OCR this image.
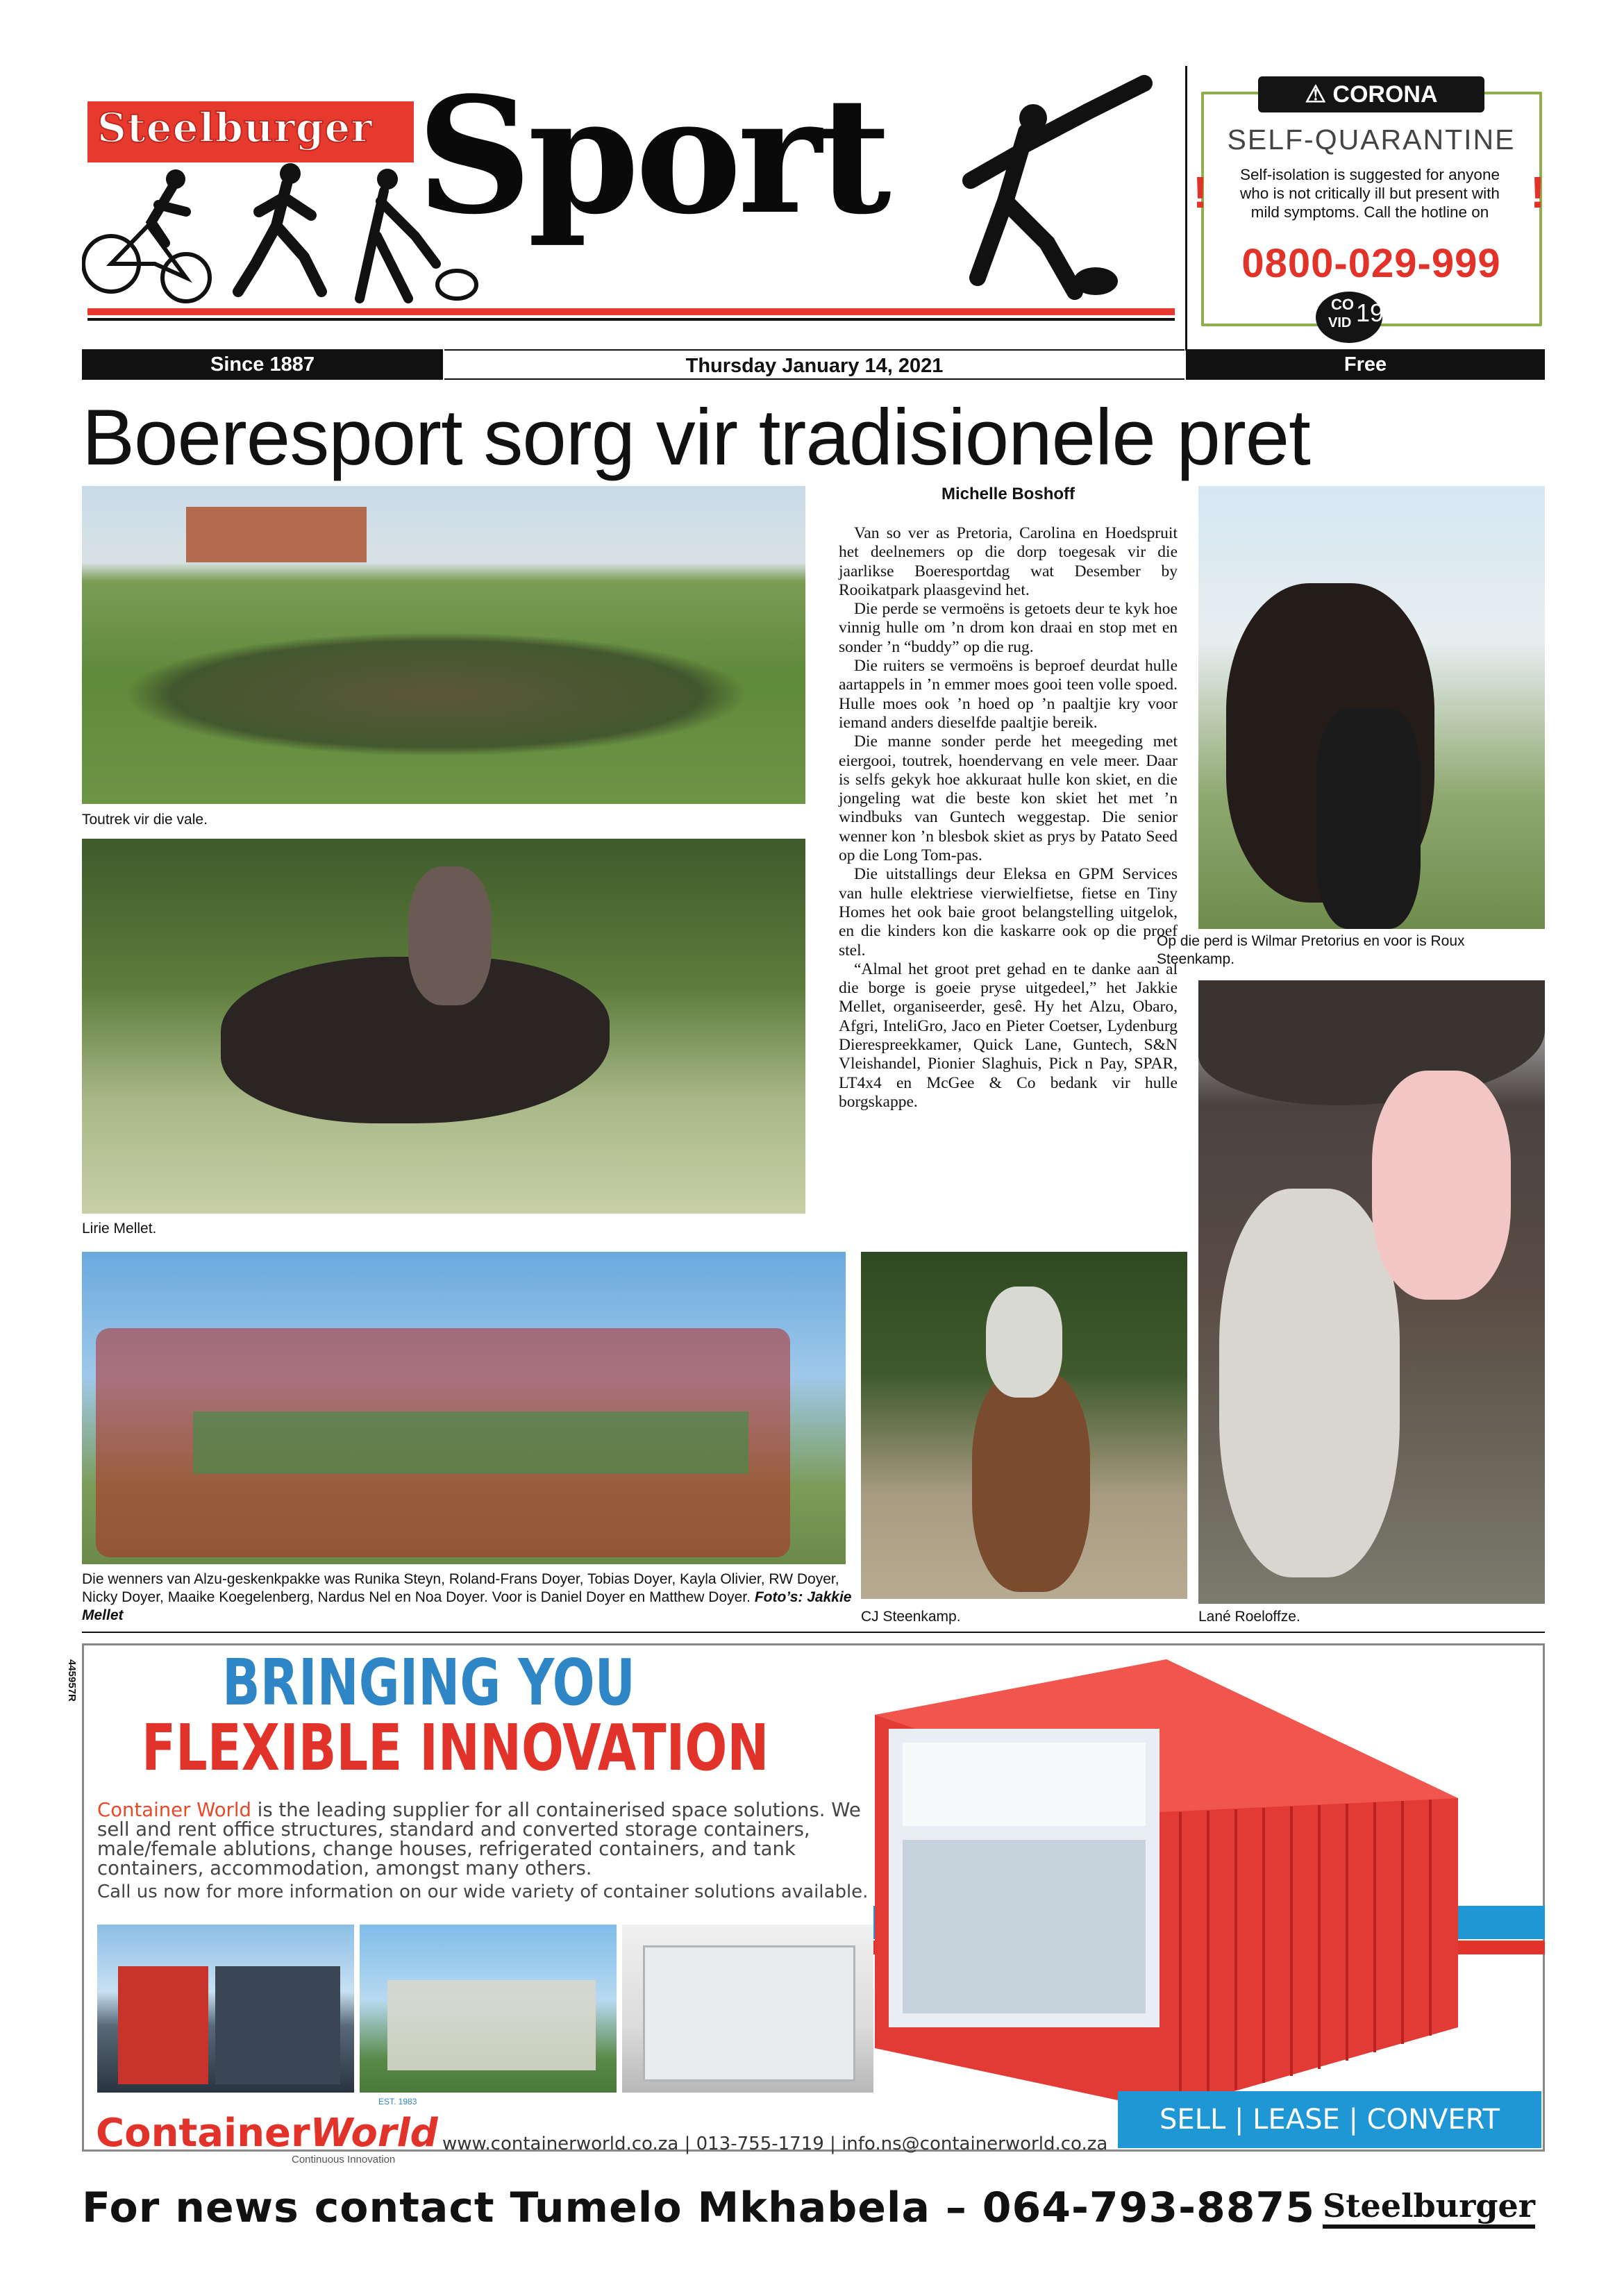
Steelburger Sport	⚠ CORONA
SELF-QUARANTINE
!	!
Self-isolation is suggested for anyone who is not critically ill but present with mild symptoms. Call the hotline on
0800-029-999
CO
VID 19
Since 1887	Thursday January 14, 2021	Free
Boeresport sorg vir tradisionele pret
Toutrek vir die vale.
Lirie Mellet.
Op die perd is Wilmar Pretorius en voor is Roux Steenkamp.
Lané Roeloffze.
Die wenners van Alzu-geskenkpakke was Runika Steyn, Roland-Frans Doyer, Tobias Doyer, Kayla Olivier, RW Doyer, Nicky Doyer, Maaike Koegelenberg, Nardus Nel en Noa Doyer. Voor is Daniel Doyer en Matthew Doyer. Foto’s: Jakkie Mellet	CJ Steenkamp.
Michelle Boshoff

Van so ver as Pretoria, Carolina en Hoedspruit het deelnemers op die dorp toegesak vir die jaarlikse Boeresportdag wat Desember by Rooikatpark plaasgevind het.

Die perde se vermoëns is getoets deur te kyk hoe vinnig hulle om ’n drom kon draai en stop met en sonder ’n “buddy” op die rug.

Die ruiters se vermoëns is beproef deurdat hulle aartappels in ’n emmer moes gooi teen volle spoed. Hulle moes ook ’n hoed op ’n paaltjie kry voor iemand anders dieselfde paaltjie bereik.

Die manne sonder perde het meegeding met eiergooi, toutrek, hoendervang en vele meer. Daar is selfs gekyk hoe akkuraat hulle kon skiet, en die jongeling wat die beste kon skiet het met ’n windbuks van Guntech weggestap. Die senior wenner kon ’n blesbok skiet as prys by Patato Seed op die Long Tom-pas.

Die uitstallings deur Eleksa en GPM Services van hulle elektriese vierwielfietse, fietse en Tiny Homes het ook baie groot belangstelling uitgelok, en die kinders kon die kaskarre ook op die proef stel.

“Almal het groot pret gehad en te danke aan al die borge is goeie pryse uitgedeel,” het Jakkie Mellet, organiseerder, gesê. Hy het Alzu, Obaro, Afgri, InteliGro, Jaco en Pieter Coetser, Lydenburg Dierespreekkamer, Quick Lane, Guntech, S&N Vleishandel, Pionier Slaghuis, Pick n Pay, SPAR, LT4x4 en McGee & Co bedank vir hulle borgskappe.

445957R BRINGING YOU
FLEXIBLE INNOVATION
Container World is the leading supplier for all containerised space solutions. We sell and rent office structures, standard and converted storage containers, male/female ablutions, change houses, refrigerated containers, and tank containers, accommodation, amongst many others.
Call us now for more information on our wide variety of container solutions available.
ContainerWorld
EST. 1983
Continuous Innovation
www.containerworld.co.za | 013-755-1719 | info.ns@containerworld.co.za
SELL | LEASE | CONVERT
For news contact Tumelo Mkhabela – 064-793-8875 Steelburger
